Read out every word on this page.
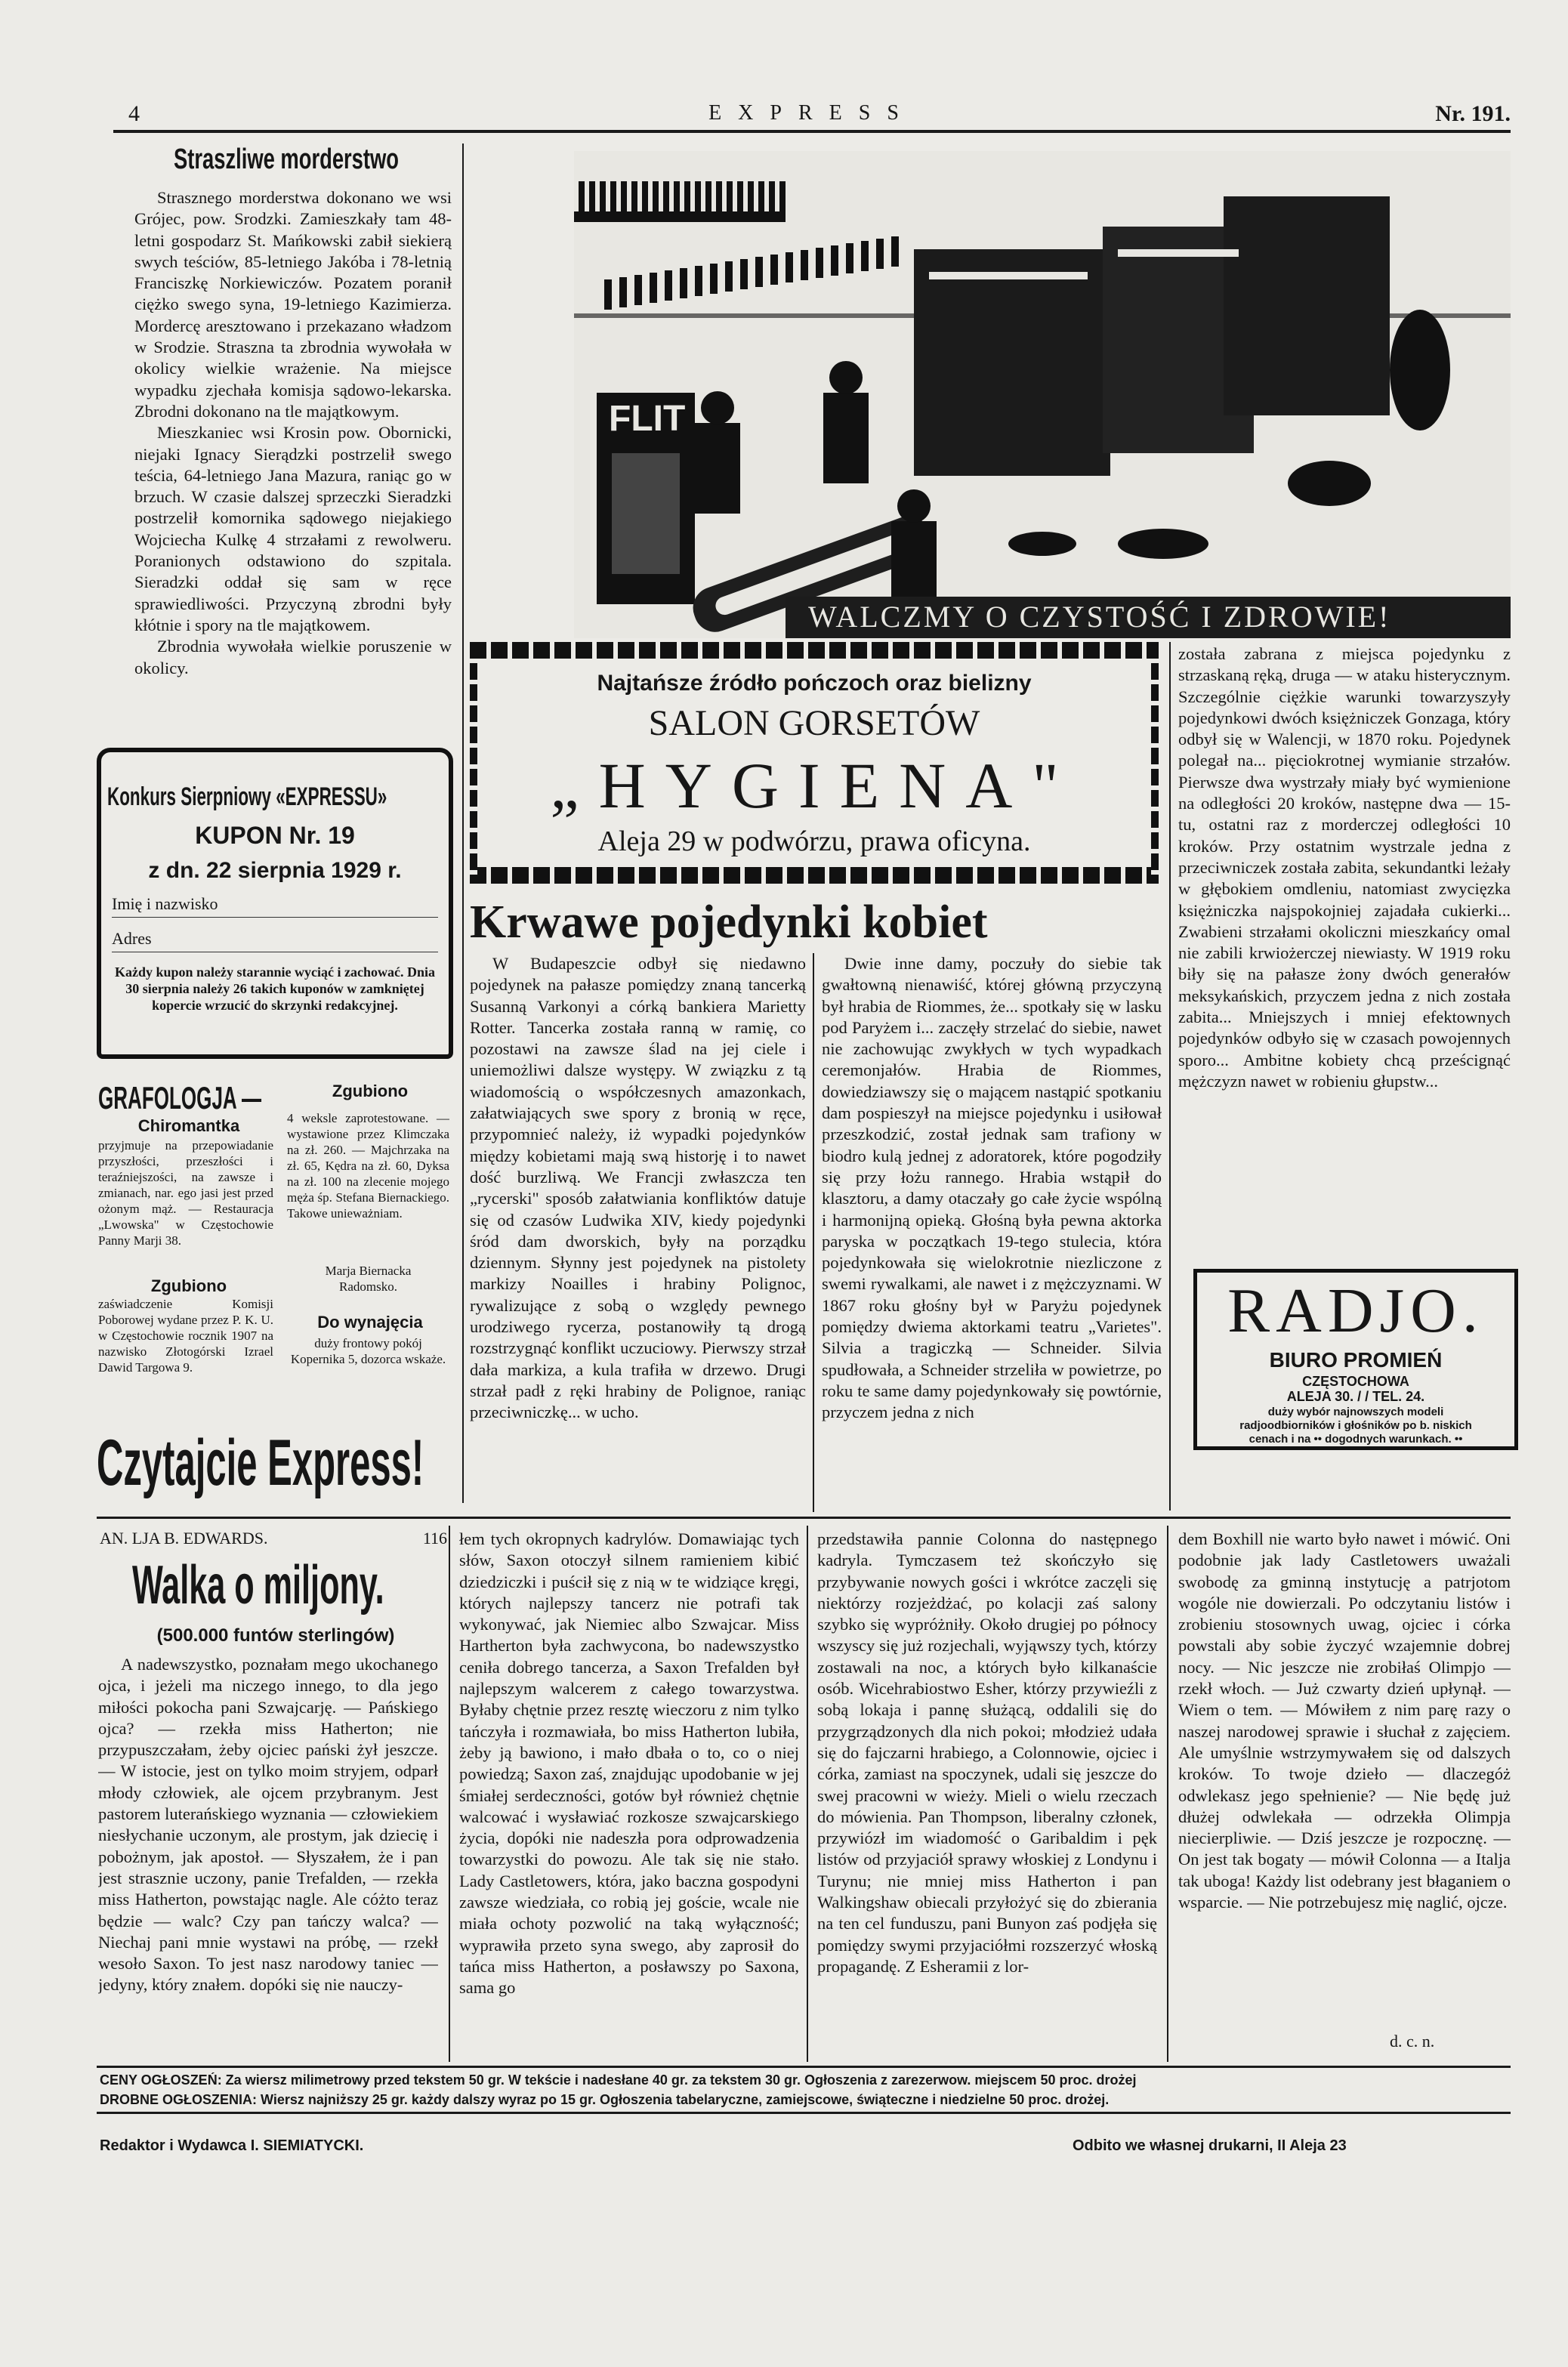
4	EXPRESS	Nr. 191.
Straszliwe morderstwo

Strasznego morderstwa dokonano we wsi Grójec, pow. Srodzki. Zamieszkały tam 48-letni gospodarz St. Mańkowski zabił siekierą swych teściów, 85-letniego Jakóba i 78-letnią Franciszkę Norkiewiczów. Pozatem poranił ciężko swego syna, 19-letniego Kazimierza. Mordercę aresztowano i przekazano władzom w Srodzie. Straszna ta zbrodnia wywołała w okolicy wielkie wrażenie. Na miejsce wypadku zjechała komisja sądowo-lekarska. Zbrodni dokonano na tle majątkowym.

Mieszkaniec wsi Krosin pow. Obornicki, niejaki Ignacy Sierądzki postrzelił swego teścia, 64-letniego Jana Mazura, raniąc go w brzuch. W czasie dalszej sprzeczki Sieradzki postrzelił komornika sądowego niejakiego Wojciecha Kulkę 4 strzałami z rewolweru. Poranionych odstawiono do szpitala. Sieradzki oddał się sam w ręce sprawiedliwości. Przyczyną zbrodni były kłótnie i spory na tle majątkowem.

Zbrodnia wywołała wielkie poruszenie w okolicy.

Konkurs Sierpniowy «EXPRESSU»
KUPON Nr. 19
z dn. 22 sierpnia 1929 r.
Imię i nazwisko
Adres
Każdy kupon należy starannie wyciąć i zachować. Dnia 30 sierpnia należy 26 takich kuponów w zamkniętej kopercie wrzucić do skrzynki redakcyjnej.
GRAFOLOGJA —
Chiromantka

przyjmuje na przepowiadanie przyszłości, przeszłości i teraźniejszości, na zawsze i zmianach, nar. ego jasi jest przed ożonym mąż. — Restauracja „Lwowska" w Częstochowie Panny Marji 38.

Zgubiono

zaświadczenie Komisji Poborowej wydane przez P. K. U. w Częstochowie rocznik 1907 na nazwisko Złotogórski Izrael Dawid Targowa 9.

Zgubiono

4 weksle zaprotestowane. — wystawione przez Klimczaka na zł. 260. — Majchrzaka na zł. 65, Kędra na zł. 60, Dyksa na zł. 100 na zlecenie mojego męża śp. Stefana Biernackiego. Takowe unieważniam.

Marja Biernacka
Radomsko.
Do wynajęcia

duży frontowy pokój Kopernika 5, dozorca wskaże.

Czytajcie Express!
FLIT
WALCZMY O CZYSTOŚĆ I ZDROWIE!
Najtańsze źródło pończoch oraz bielizny
SALON GORSETÓW
„HYGIENA"
Aleja 29 w podwórzu, prawa oficyna.
Krwawe pojedynki kobiet

W Budapeszcie odbył się niedawno pojedynek na pałasze pomiędzy znaną tancerką Susanną Varkonyi a córką bankiera Marietty Rotter. Tancerka została ranną w ramię, co pozostawi na zawsze ślad na jej ciele i uniemożliwi dalsze występy. W związku z tą wiadomością o współczesnych amazonkach, załatwiających swe spory z bronią w ręce, przypomnieć należy, iż wypadki pojedynków między kobietami mają swą historję i to nawet dość burzliwą. We Francji zwłaszcza ten „rycerski" sposób załatwiania konfliktów datuje się od czasów Ludwika XIV, kiedy pojedynki śród dam dworskich, były na porządku dziennym. Słynny jest pojedynek na pistolety markizy Noailles i hrabiny Polignoc, rywalizujące z sobą o względy pewnego urodziwego rycerza, postanowiły tą drogą rozstrzygnąć konflikt uczuciowy. Pierwszy strzał dała markiza, a kula trafiła w drzewo. Drugi strzał padł z ręki hrabiny de Polignoe, raniąc przeciwniczkę... w ucho.

Dwie inne damy, poczuły do siebie tak gwałtowną nienawiść, której główną przyczyną był hrabia de Riommes, że... spotkały się w lasku pod Paryżem i... zaczęły strzelać do siebie, nawet nie zachowując zwykłych w tych wypadkach ceremonjałów. Hrabia de Riommes, dowiedziawszy się o mającem nastąpić spotkaniu dam pospieszył na miejsce pojedynku i usiłował przeszkodzić, został jednak sam trafiony w biodro kulą jednej z adoratorek, które pogodziły się przy łożu rannego. Hrabia wstąpił do klasztoru, a damy otaczały go całe życie wspólną i harmonijną opieką. Głośną była pewna aktorka paryska w początkach 19-tego stulecia, która pojedynkowała się wielokrotnie niezliczone z swemi rywalkami, ale nawet i z mężczyznami. W 1867 roku głośny był w Paryżu pojedynek pomiędzy dwiema aktorkami teatru „Varietes". Silvia a tragiczką — Schneider. Silvia spudłowała, a Schneider strzeliła w powietrze, po roku te same damy pojedynkowały się powtórnie, przyczem jedna z nich

została zabrana z miejsca pojedynku z strzaskaną ręką, druga — w ataku histerycznym. Szczególnie ciężkie warunki towarzyszyły pojedynkowi dwóch księżniczek Gonzaga, który odbył się w Walencji, w 1870 roku. Pojedynek polegał na... pięciokrotnej wymianie strzałów. Pierwsze dwa wystrzały miały być wymienione na odległości 20 kroków, następne dwa — 15-tu, ostatni raz z morderczej odległości 10 kroków. Przy ostatnim wystrzale jedna z przeciwniczek została zabita, sekundantki leżały w głębokiem omdleniu, natomiast zwycięzka księżniczka najspokojniej zajadała cukierki... Zwabieni strzałami okoliczni mieszkańcy omal nie zabili krwiożerczej niewiasty. W 1919 roku biły się na pałasze żony dwóch generałów meksykańskich, przyczem jedna z nich została zabita... Mniejszych i mniej efektownych pojedynków odbyło się w czasach powojennych sporo... Ambitne kobiety chcą prześcignąć mężczyzn nawet w robieniu głupstw...

RADJO.
BIURO PROMIEŃ
CZĘSTOCHOWA
ALEJA 30. / / TEL. 24.
duży wybór najnowszych modeli radjoodbiorników i głośników po b. niskich cenach i na •• dogodnych warunkach. ••
AN. LJA B. EDWARDS.	116
Walka o miljony.
(500.000 funtów sterlingów)

A nadewszystko, poznałam mego ukochanego ojca, i jeżeli ma niczego innego, to dla jego miłości pokocha pani Szwajcarję. — Pańskiego ojca? — rzekła miss Hatherton; nie przypuszczałam, żeby ojciec pański żył jeszcze. — W istocie, jest on tylko moim stryjem, odparł młody człowiek, ale ojcem przybranym. Jest pastorem luterańskiego wyznania — człowiekiem niesłychanie uczonym, ale prostym, jak dziecię i pobożnym, jak apostoł. — Słyszałem, że i pan jest strasznie uczony, panie Trefalden, — rzekła miss Hatherton, powstając nagle. Ale cóżto teraz będzie — walc? Czy pan tańczy walca? — Niechaj pani mnie wystawi na próbę, — rzekł wesoło Saxon. To jest nasz narodowy taniec — jedyny, który znałem. dopóki się nie nauczy-

łem tych okropnych kadrylów. Domawiając tych słów, Saxon otoczył silnem ramieniem kibić dziedziczki i puścił się z nią w te widziące kręgi, których najlepszy tancerz nie potrafi tak wykonywać, jak Niemiec albo Szwajcar. Miss Hartherton była zachwycona, bo nadewszystko ceniła dobrego tancerza, a Saxon Trefalden był najlepszym walcerem z całego towarzystwa. Byłaby chętnie przez resztę wieczoru z nim tylko tańczyła i rozmawiała, bo miss Hatherton lubiła, żeby ją bawiono, i mało dbała o to, co o niej powiedzą; Saxon zaś, znajdując upodobanie w jej śmiałej serdeczności, gotów był również chętnie walcować i wysławiać rozkosze szwajcarskiego życia, dopóki nie nadeszła pora odprowadzenia towarzystki do powozu. Ale tak się nie stało. Lady Castletowers, która, jako baczna gospodyni zawsze wiedziała, co robią jej goście, wcale nie miała ochoty pozwolić na taką wyłączność; wyprawiła przeto syna swego, aby zaprosił do tańca miss Hatherton, a posławszy po Saxona, sama go

przedstawiła pannie Colonna do następnego kadryla. Tymczasem też skończyło się przybywanie nowych gości i wkrótce zaczęli się niektórzy rozjeżdżać, po kolacji zaś salony szybko się wypróżniły. Około drugiej po północy wszyscy się już rozjechali, wyjąwszy tych, którzy zostawali na noc, a których było kilkanaście osób. Wicehrabiostwo Esher, którzy przywieźli z sobą lokaja i pannę służącą, oddalili się do przygrządzonych dla nich pokoi; młodzież udała się do fajczarni hrabiego, a Colonnowie, ojciec i córka, zamiast na spoczynek, udali się jeszcze do swej pracowni w wieży. Mieli o wielu rzeczach do mówienia. Pan Thompson, liberalny członek, przywiózł im wiadomość o Garibaldim i pęk listów od przyjaciół sprawy włoskiej z Londynu i Turynu; nie mniej miss Hatherton i pan Walkingshaw obiecali przyłożyć się do zbierania na ten cel funduszu, pani Bunyon zaś podjęła się pomiędzy swymi przyjaciółmi rozszerzyć włoską propagandę. Z Esheramii z lor-

dem Boxhill nie warto było nawet i mówić. Oni podobnie jak lady Castletowers uważali swobodę za gminną instytucję a patrjotom wogóle nie dowierzali. Po odczytaniu listów i zrobieniu stosownych uwag, ojciec i córka powstali aby sobie życzyć wzajemnie dobrej nocy. — Nic jeszcze nie zrobiłaś Olimpjo — rzekł włoch. — Już czwarty dzień upłynął. — Wiem o tem. — Mówiłem z nim parę razy o naszej narodowej sprawie i słuchał z zajęciem. Ale umyślnie wstrzymywałem się od dalszych kroków. To twoje dzieło — dlaczegóż odwlekasz jego spełnienie? — Nie będę już dłużej odwlekała — odrzekła Olimpja niecierpliwie. — Dziś jeszcze je rozpocznę. — On jest tak bogaty — mówił Colonna — a Italja tak uboga! Każdy list odebrany jest błaganiem o wsparcie. — Nie potrzebujesz mię naglić, ojcze.

d. c. n.
CENY OGŁOSZEŃ: Za wiersz milimetrowy przed tekstem 50 gr. W tekście i nadesłane 40 gr. za tekstem 30 gr. Ogłoszenia z zarezerwow. miejscem 50 proc. drożej
DROBNE OGŁOSZENIA: Wiersz najniższy 25 gr. każdy dalszy wyraz po 15 gr. Ogłoszenia tabelaryczne, zamiejscowe, świąteczne i niedzielne 50 proc. drożej.
Redaktor i Wydawca I. SIEMIATYCKI.	Odbito we własnej drukarni, II Aleja 23
